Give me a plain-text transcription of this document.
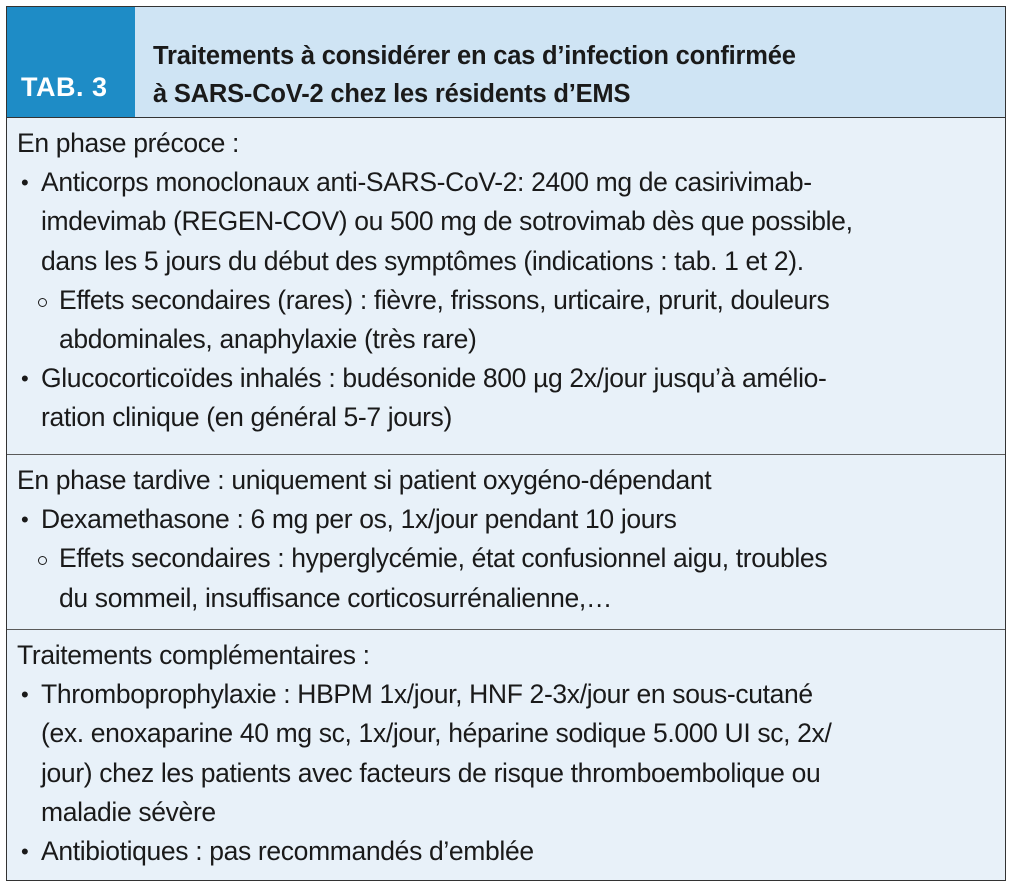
TAB. 3
Traitements à considérer en cas d’infection confirmée
à SARS-CoV-2 chez les résidents d’EMS
En phase précoce :
• Anticorps monoclonaux anti-SARS-CoV-2: 2400 mg de casirivimab-
imdevimab (REGEN-COV) ou 500 mg de sotrovimab dès que possible,
dans les 5 jours du début des symptômes (indications : tab. 1 et 2).
Effets secondaires (rares) : fièvre, frissons, urticaire, prurit, douleurs
abdominales, anaphylaxie (très rare)
• Glucocorticoïdes inhalés : budésonide 800 µg 2x/jour jusqu’à amélio-
ration clinique (en général 5-7 jours)
En phase tardive : uniquement si patient oxygéno-dépendant
• Dexamethasone : 6 mg per os, 1x/jour pendant 10 jours
Effets secondaires : hyperglycémie, état confusionnel aigu, troubles
du sommeil, insuffisance corticosurrénalienne,…
Traitements complémentaires :
• Thromboprophylaxie : HBPM 1x/jour, HNF 2-3x/jour en sous-cutané
(ex. enoxaparine 40 mg sc, 1x/jour, héparine sodique 5.000 UI sc, 2x/
jour) chez les patients avec facteurs de risque thromboembolique ou
maladie sévère
• Antibiotiques : pas recommandés d’emblée
